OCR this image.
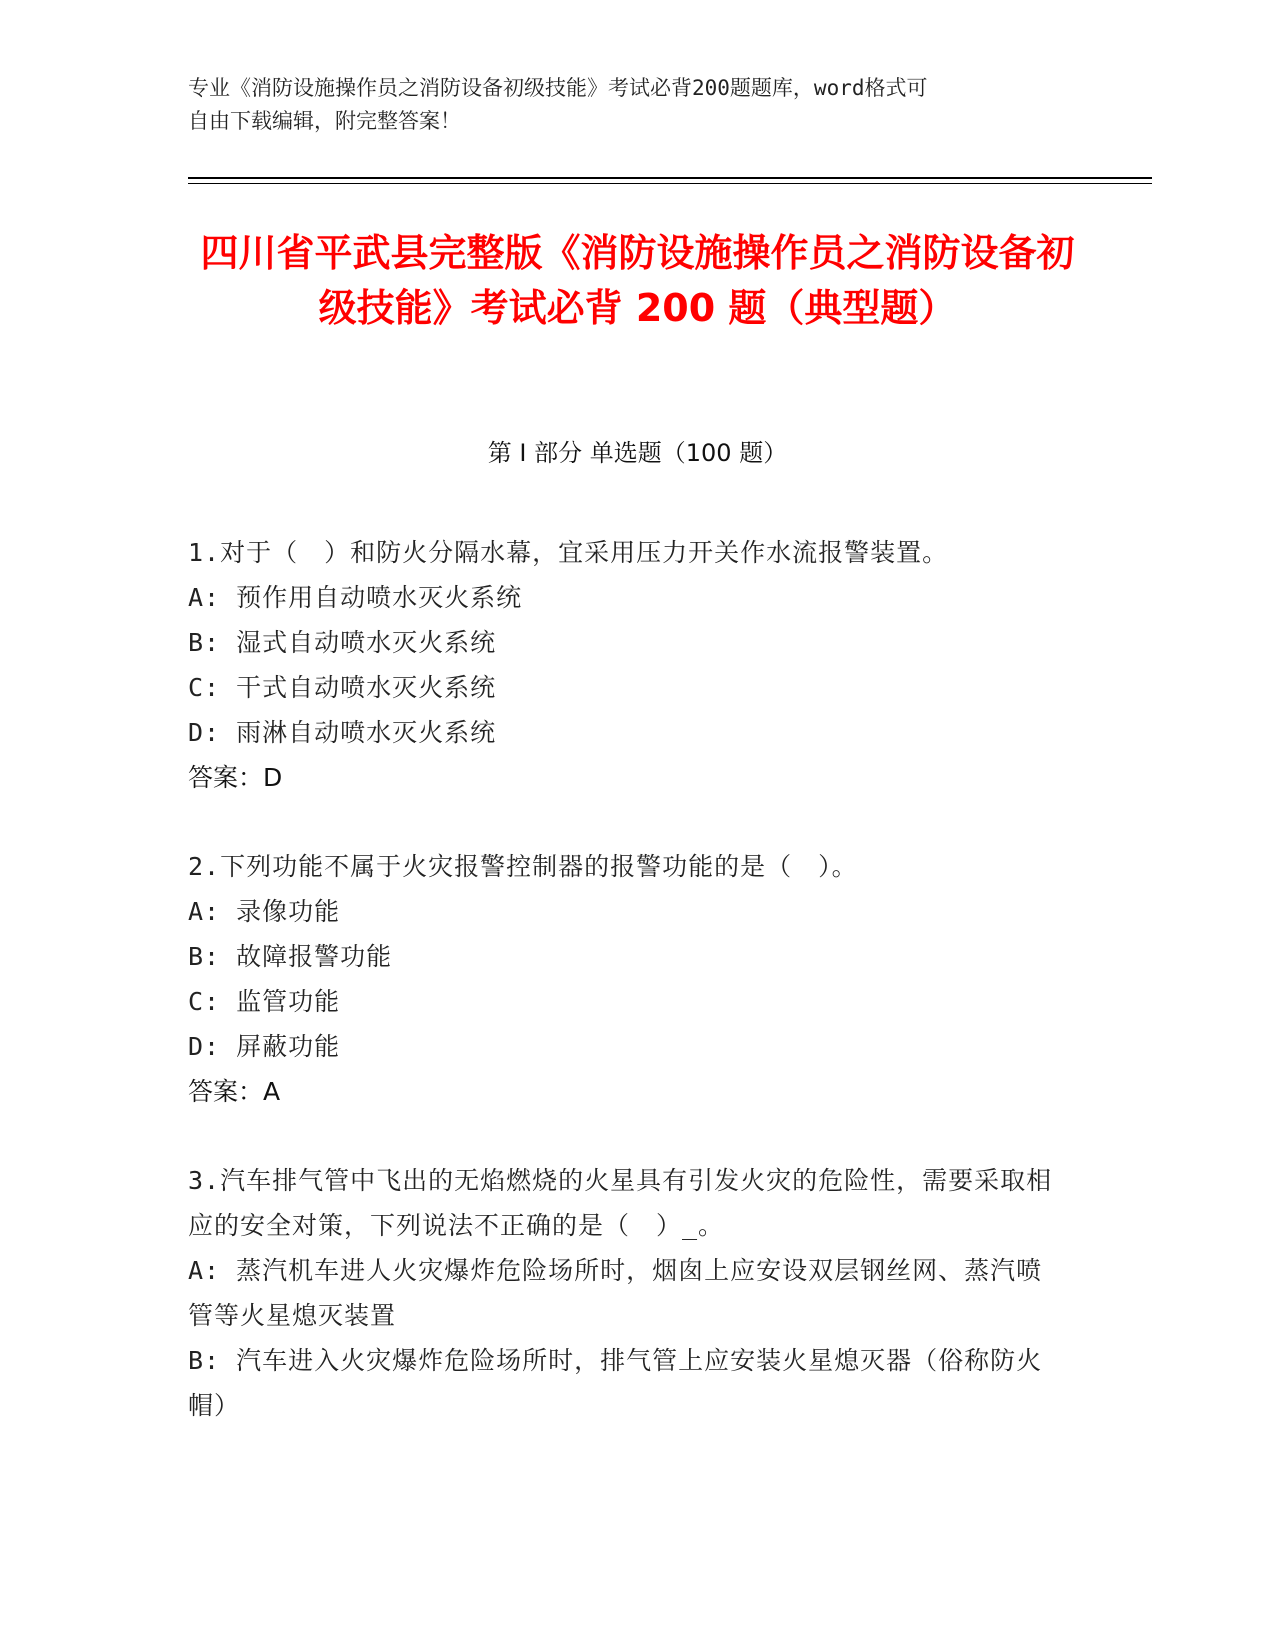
专业《消防设施操作员之消防设备初级技能》考试必背200题题库，word格式可
自由下载编辑，附完整答案！
四川省平武县完整版《消防设施操作员之消防设备初级技能》考试必背 200 题（典型题）
第 I 部分 单选题（100 题）
1.对于（　）和防火分隔水幕，宜采用压力开关作水流报警装置。
A: 预作用自动喷水灭火系统
B: 湿式自动喷水灭火系统
C: 干式自动喷水灭火系统
D: 雨淋自动喷水灭火系统
答案：D
2.下列功能不属于火灾报警控制器的报警功能的是（　）。
A: 录像功能
B: 故障报警功能
C: 监管功能
D: 屏蔽功能
答案：A
3.汽车排气管中飞出的无焰燃烧的火星具有引发火灾的危险性，需要采取相应的安全对策，下列说法不正确的是（　）_。
A: 蒸汽机车进人火灾爆炸危险场所时，烟囱上应安设双层钢丝网、蒸汽喷管等火星熄灭装置
B: 汽车进入火灾爆炸危险场所时，排气管上应安装火星熄灭器（俗称防火帽）
